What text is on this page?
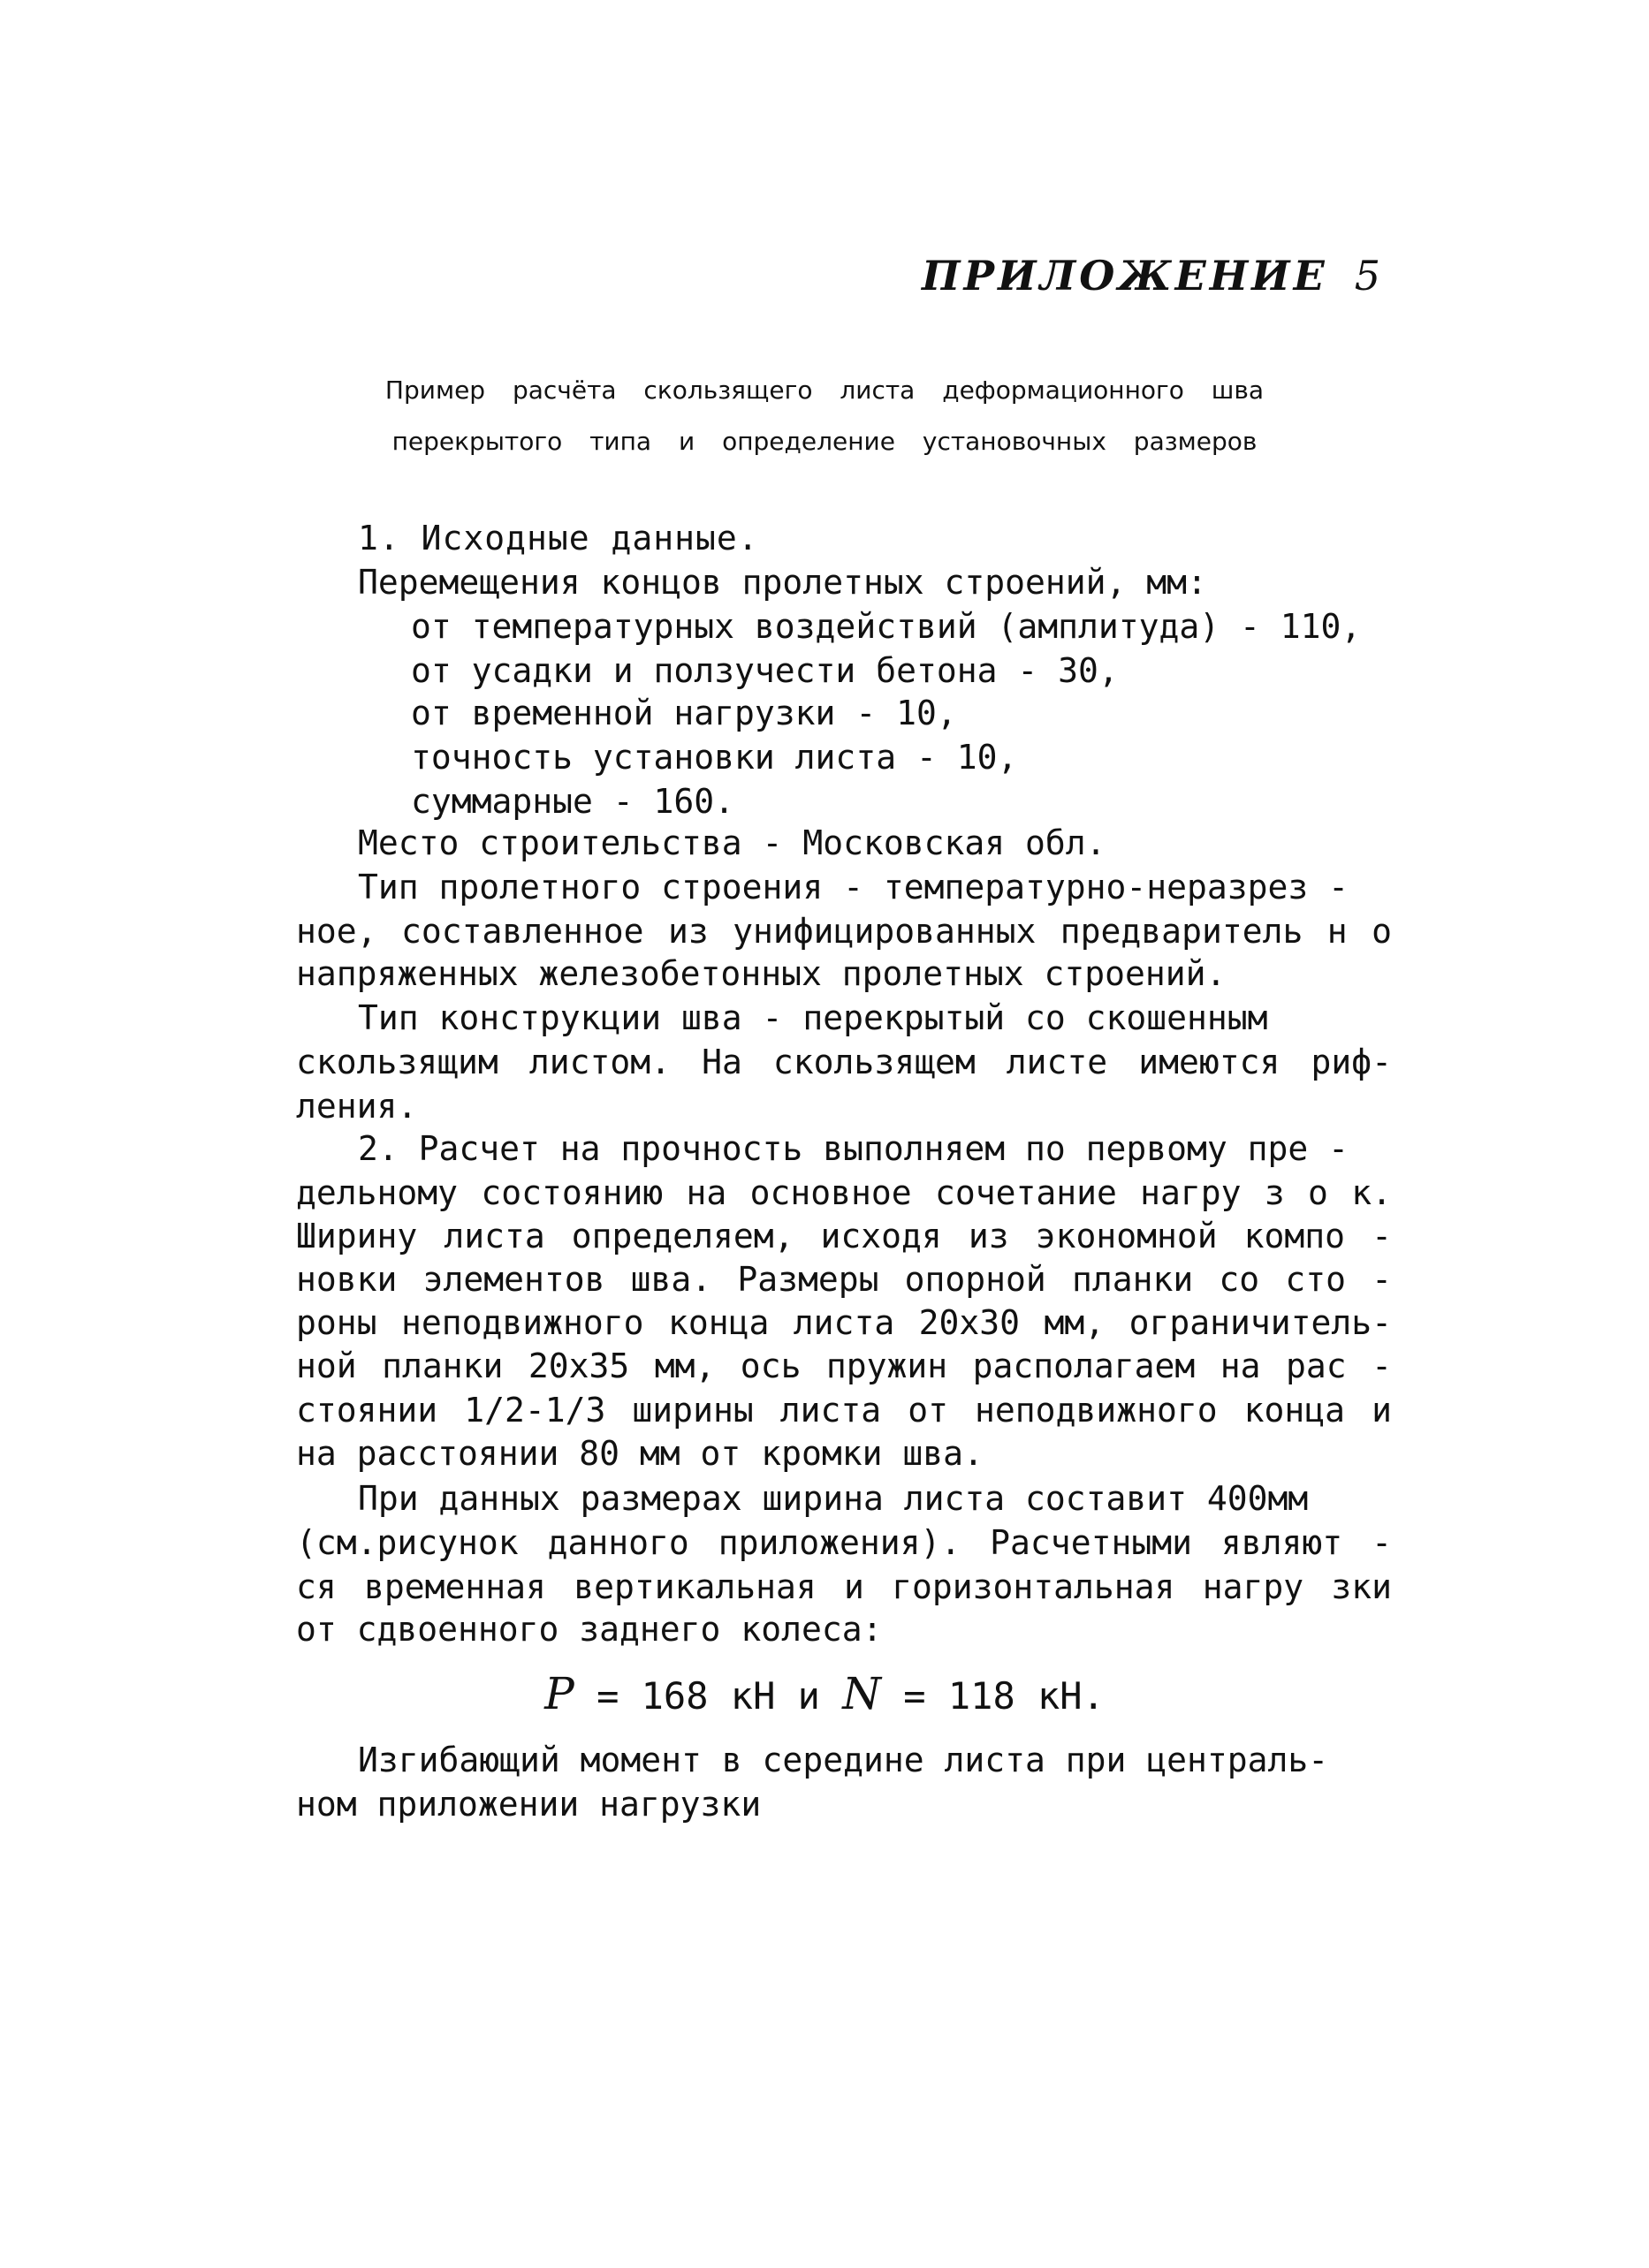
ПРИЛОЖЕНИЕ 5
Пример расчёта скользящего листа деформационного шва
перекрытого типа и определение установочных размеров
1. Исходные данные.
Перемещения концов пролетных строений, мм:
от температурных воздействий (амплитуда) - 110,
от усадки и ползучести бетона - 30,
от временной нагрузки - 10,
точность установки листа - 10,
суммарные - 160.
Место строительства - Московская обл.
Тип пролетного строения - температурно-неразрез -
ное, составленное из унифицированных предваритель н о
напряженных железобетонных пролетных строений.
Тип конструкции шва - перекрытый со скошенным
скользящим листом. На скользящем листе имеются риф-
ления.
2. Расчет на прочность выполняем по первому пре -
дельному состоянию на основное сочетание нагру з о к.
Ширину листа определяем, исходя из экономной компо -
новки элементов шва. Размеры опорной планки со сто -
роны неподвижного конца листа 20x30 мм, ограничитель-
ной планки 20x35 мм, ось пружин располагаем на рас -
стоянии 1/2-1/3 ширины листа от неподвижного конца и
на расстоянии 80 мм от кромки шва.
При данных размерах ширина листа составит 400мм
(см.рисунок данного приложения). Расчетными являют -
ся временная вертикальная и горизонтальная нагру зки
от сдвоенного заднего колеса:
P = 168 кН и N = 118 кН.
Изгибающий момент в середине листа при централь-
ном приложении нагрузки
